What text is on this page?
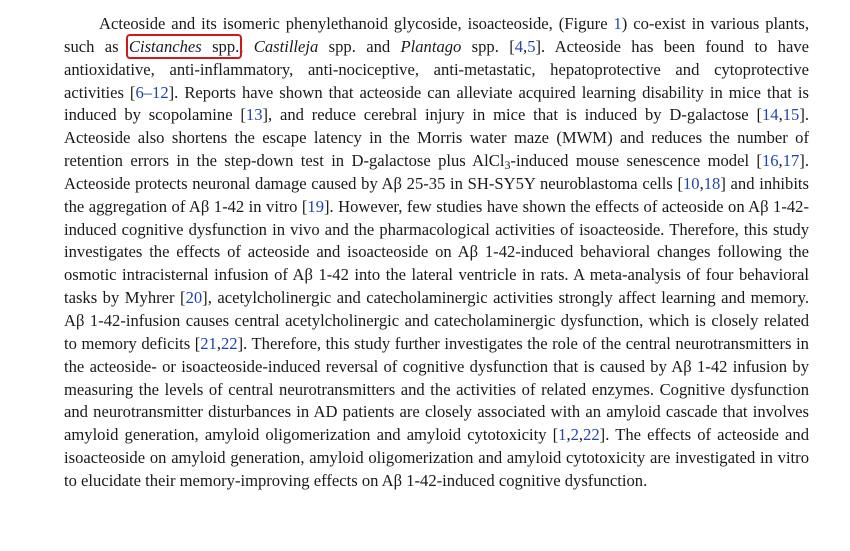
Acteoside and its isomeric phenylethanoid glycoside, isoacteoside, (Figure 1) co-exist in various plants, such as Cistanches spp., Castilleja spp. and Plantago spp. [4,5]. Acteoside has been found to have antioxidative, anti-inflammatory, anti-nociceptive, anti-metastatic, hepatoprotective and cytoprotective activities [6–12]. Reports have shown that acteoside can alleviate acquired learning disability in mice that is induced by scopolamine [13], and reduce cerebral injury in mice that is induced by D-galactose [14,15]. Acteoside also shortens the escape latency in the Morris water maze (MWM) and reduces the number of retention errors in the step-down test in D-galactose plus AlCl$_3$-induced mouse senescence model [16,17]. Acteoside protects neuronal damage caused by Aβ 25-35 in SH-SY5Y neuroblastoma cells [10,18] and inhibits the aggregation of Aβ 1-42 in vitro [19]. However, few studies have shown the effects of acteoside on Aβ 1-42-induced cognitive dysfunction in vivo and the pharmacological activities of isoacteoside. Therefore, this study investigates the effects of acteoside and isoacteoside on Aβ 1-42-induced behavioral changes following the osmotic intracisternal infusion of Aβ 1-42 into the lateral ventricle in rats. A meta-analysis of four behavioral tasks by Myhrer [20], acetylcholinergic and catecholaminergic activities strongly affect learning and memory. Aβ 1-42-infusion causes central acetylcholinergic and catecholaminergic dysfunction, which is closely related to memory deficits [21,22]. Therefore, this study further investigates the role of the central neurotransmitters in the acteoside- or isoacteoside-induced reversal of cognitive dysfunction that is caused by Aβ 1-42 infusion by measuring the levels of central neurotransmitters and the activities of related enzymes. Cognitive dysfunction and neurotransmitter disturbances in AD patients are closely associated with an amyloid cascade that involves amyloid generation, amyloid oligomerization and amyloid cytotoxicity [1,2,22]. The effects of acteoside and isoacteoside on amyloid generation, amyloid oligomerization and amyloid cytotoxicity are investigated in vitro to elucidate their memory-improving effects on Aβ 1-42-induced cognitive dysfunction.
